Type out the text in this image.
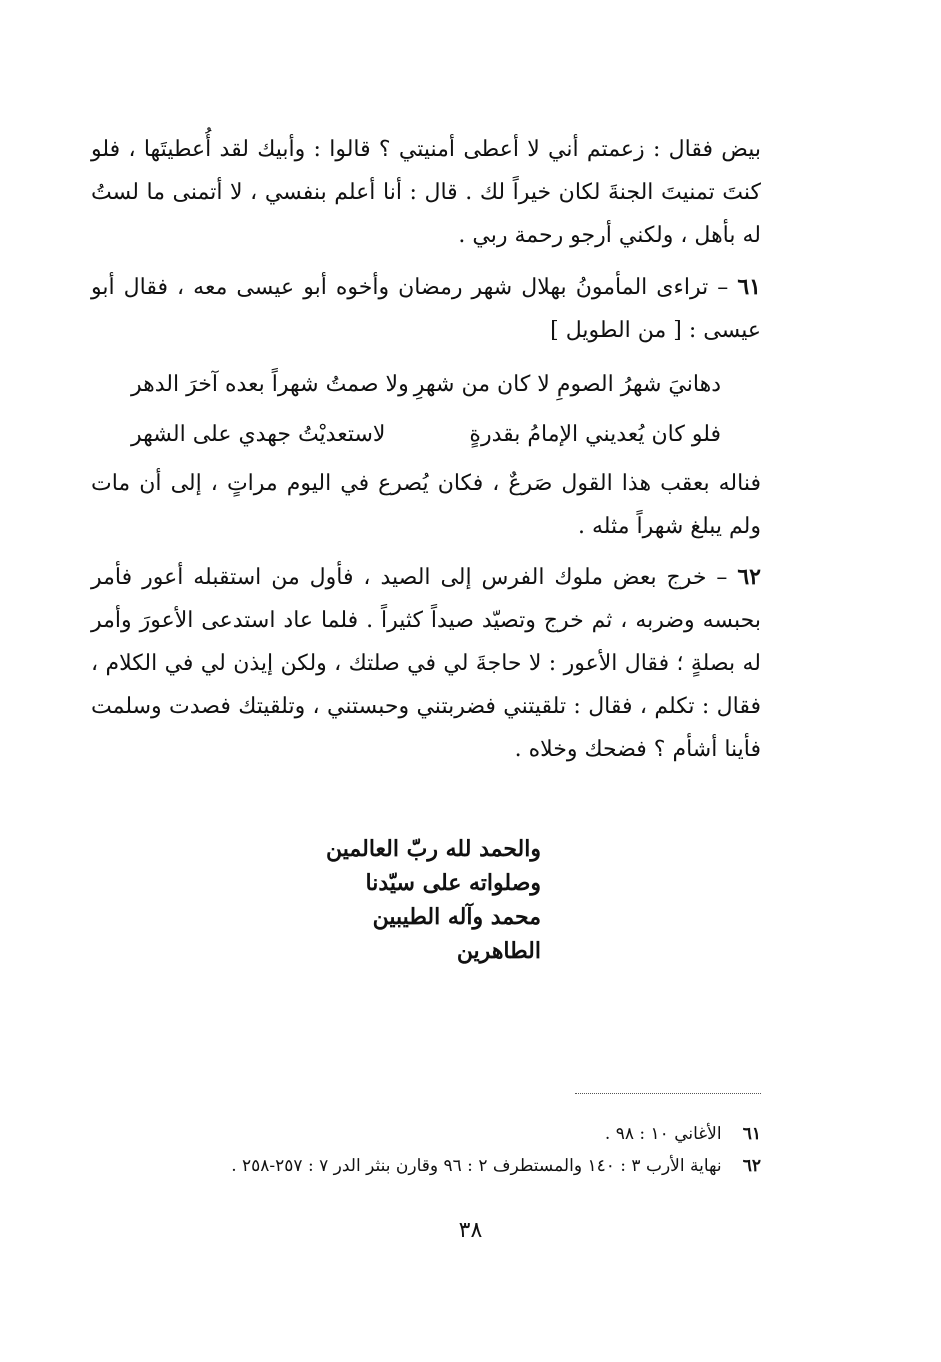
بيض فقال : زعمتم أني لا أعطى أمنيتي ؟ قالوا : وأبيك لقد أُعطيتَها ، فلو كنتَ تمنيتَ الجنةَ لكان خيراً لك . قال : أنا أعلم بنفسي ، لا أتمنى ما لستُ له بأهل ، ولكني أرجو رحمة ربي .
٦١ – تراءى المأمونُ بهلال شهر رمضان وأخوه أبو عيسى معه ، فقال أبو عيسى : [ من الطويل ]
دهانيَ شهرُ الصومِ لا كان من شهرِ
ولا صمتُ شهراً بعده آخرَ الدهر
فلو كان يُعديني الإمامُ بقدرةٍ
لاستعديْتُ جهدي على الشهر
فناله بعقب هذا القول صَرعٌ ، فكان يُصرع في اليوم مراتٍ ، إلى أن مات ولم يبلغ شهراً مثله .
٦٢ – خرج بعض ملوك الفرس إلى الصيد ، فأول من استقبله أعور فأمر بحبسه وضربه ، ثم خرج وتصيّد صيداً كثيراً . فلما عاد استدعى الأعورَ وأمر له بصلةٍ ؛ فقال الأعور : لا حاجةَ لي في صلتك ، ولكن إيذن لي في الكلام ، فقال : تكلم ، فقال : تلقيتني فضربتني وحبستني ، وتلقيتك فصدت وسلمت فأينا أشأم ؟ فضحك وخلاه .
والحمد لله ربّ العالمين
وصلواته على سيّدنا
محمد وآله الطيبين
الطاهرين
٦١ الأغاني ١٠ : ٩٨ .
٦٢ نهاية الأرب ٣ : ١٤٠ والمستطرف ٢ : ٩٦ وقارن بنثر الدر ٧ : ٢٥٧-٢٥٨ .
٣٨
